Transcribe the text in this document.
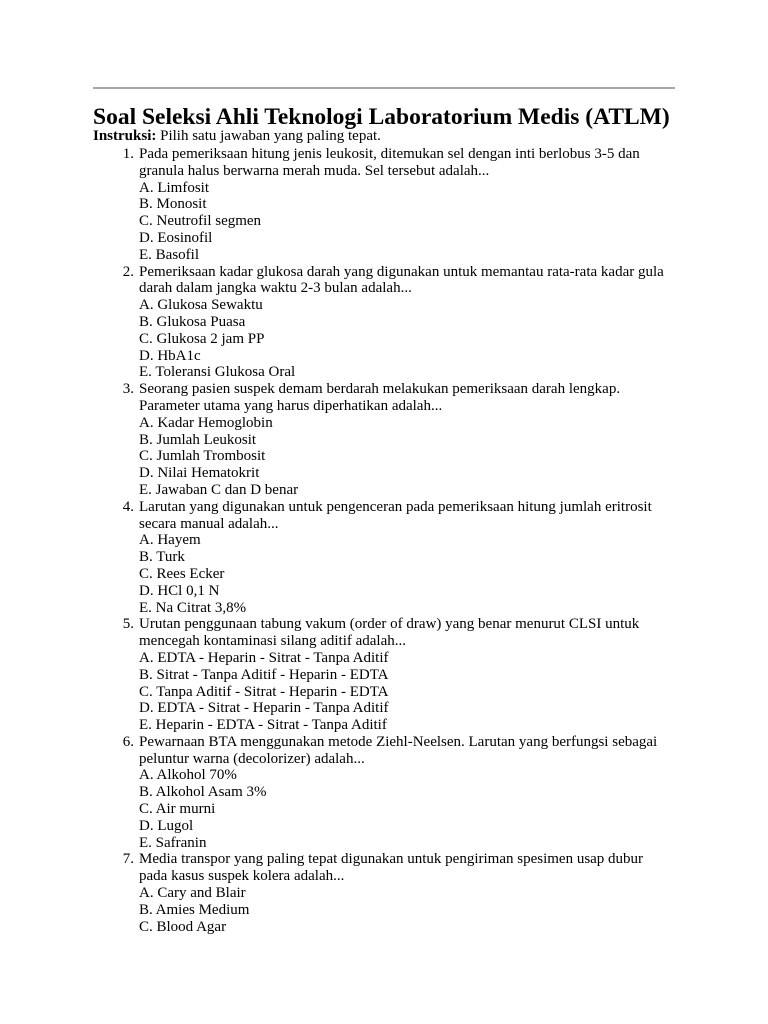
Soal Seleksi Ahli Teknologi Laboratorium Medis (ATLM)
Instruksi: Pilih satu jawaban yang paling tepat.
1. Pada pemeriksaan hitung jenis leukosit, ditemukan sel dengan inti berlobus 3-5 dan granula halus berwarna merah muda. Sel tersebut adalah...
A. Limfosit
B. Monosit
C. Neutrofil segmen
D. Eosinofil
E. Basofil
2. Pemeriksaan kadar glukosa darah yang digunakan untuk memantau rata-rata kadar gula darah dalam jangka waktu 2-3 bulan adalah...
A. Glukosa Sewaktu
B. Glukosa Puasa
C. Glukosa 2 jam PP
D. HbA1c
E. Toleransi Glukosa Oral
3. Seorang pasien suspek demam berdarah melakukan pemeriksaan darah lengkap. Parameter utama yang harus diperhatikan adalah...
A. Kadar Hemoglobin
B. Jumlah Leukosit
C. Jumlah Trombosit
D. Nilai Hematokrit
E. Jawaban C dan D benar
4. Larutan yang digunakan untuk pengenceran pada pemeriksaan hitung jumlah eritrosit secara manual adalah...
A. Hayem
B. Turk
C. Rees Ecker
D. HCl 0,1 N
E. Na Citrat 3,8%
5. Urutan penggunaan tabung vakum (order of draw) yang benar menurut CLSI untuk mencegah kontaminasi silang aditif adalah...
A. EDTA - Heparin - Sitrat - Tanpa Aditif
B. Sitrat - Tanpa Aditif - Heparin - EDTA
C. Tanpa Aditif - Sitrat - Heparin - EDTA
D. EDTA - Sitrat - Heparin - Tanpa Aditif
E. Heparin - EDTA - Sitrat - Tanpa Aditif
6. Pewarnaan BTA menggunakan metode Ziehl-Neelsen. Larutan yang berfungsi sebagai peluntur warna (decolorizer) adalah...
A. Alkohol 70%
B. Alkohol Asam 3%
C. Air murni
D. Lugol
E. Safranin
7. Media transpor yang paling tepat digunakan untuk pengiriman spesimen usap dubur pada kasus suspek kolera adalah...
A. Cary and Blair
B. Amies Medium
C. Blood Agar
